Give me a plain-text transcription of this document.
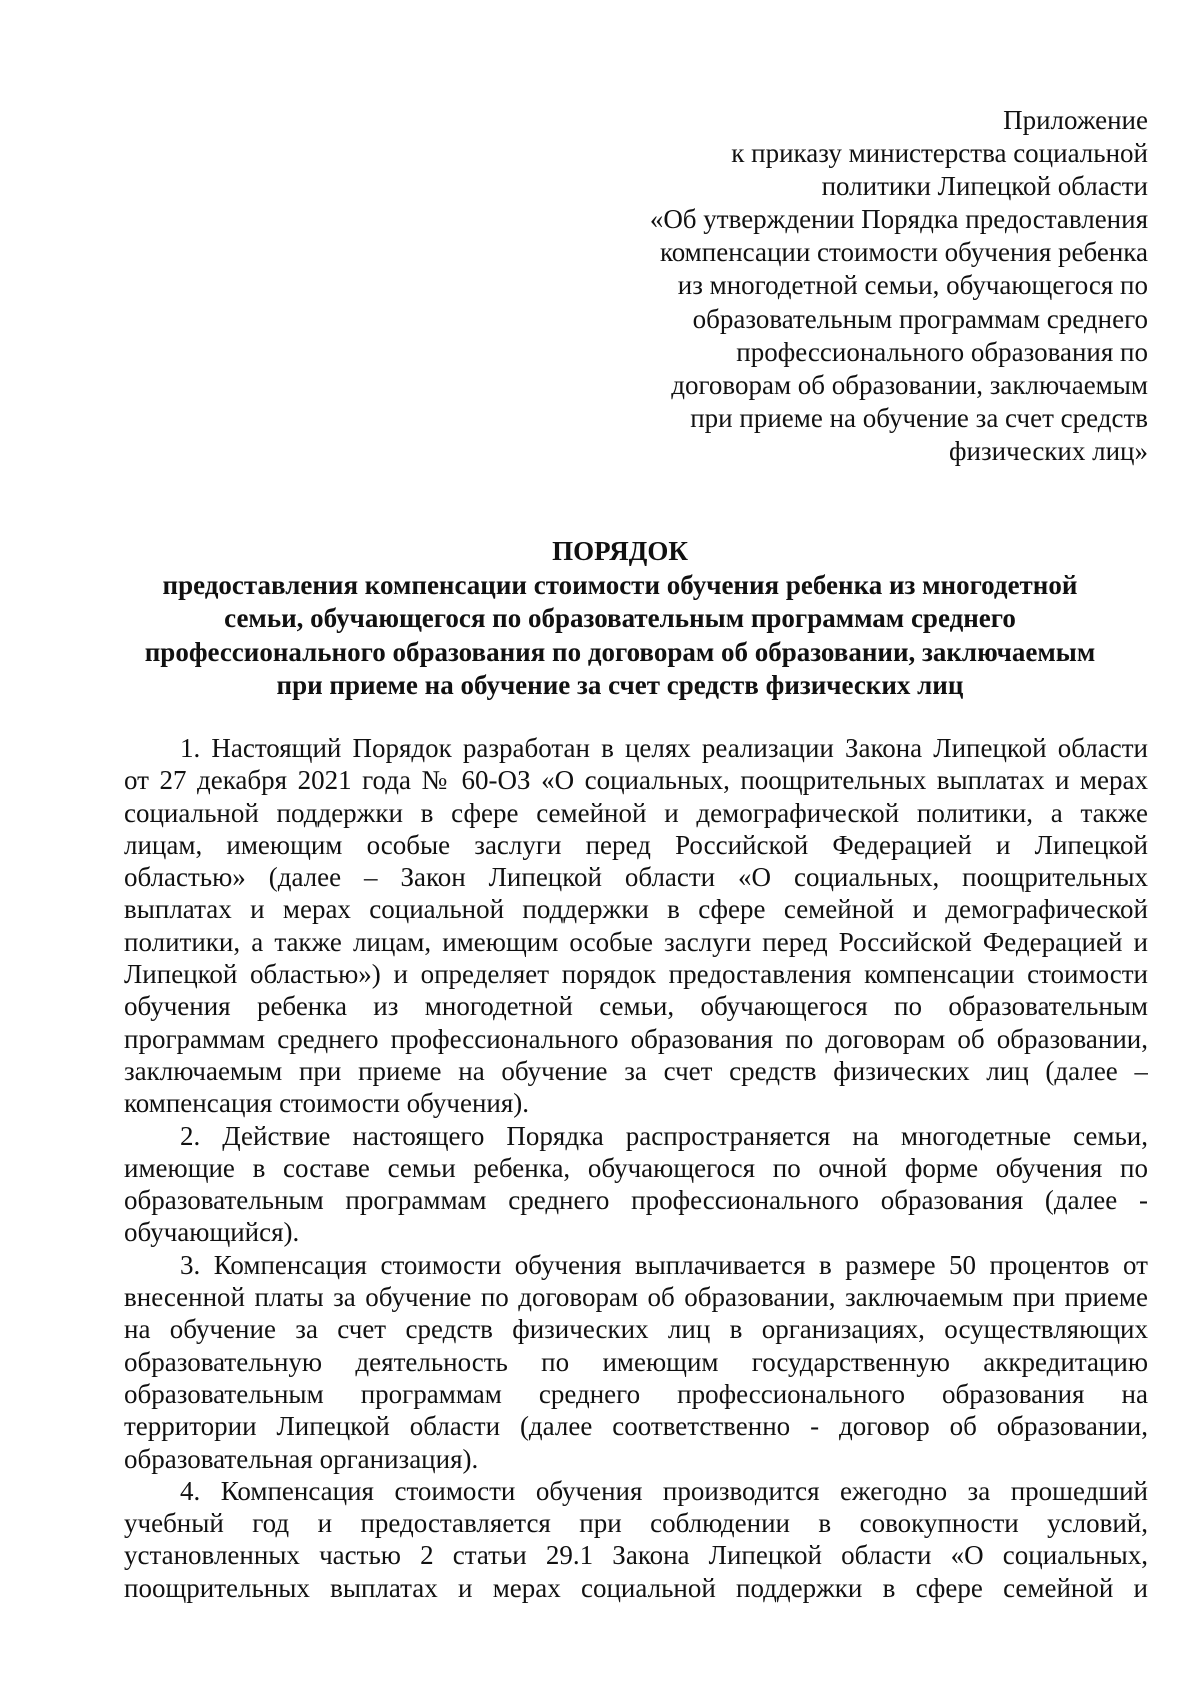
Приложение
к приказу министерства социальной
политики Липецкой области
«Об утверждении Порядка предоставления
компенсации стоимости обучения ребенка
из многодетной семьи, обучающегося по
образовательным программам среднего
профессионального образования по
договорам об образовании, заключаемым
при приеме на обучение за счет средств
физических лиц»
ПОРЯДОК
предоставления компенсации стоимости обучения ребенка из многодетной
семьи, обучающегося по образовательным программам среднего
профессионального образования по договорам об образовании, заключаемым
при приеме на обучение за счет средств физических лиц

1. Настоящий Порядок разработан в целях реализации Закона Липецкой области
от 27 декабря 2021 года № 60-ОЗ «О социальных, поощрительных выплатах и мерах
социальной поддержки в сфере семейной и демографической политики, а также
лицам, имеющим особые заслуги перед Российской Федерацией и Липецкой
областью» (далее – Закон Липецкой области «О социальных, поощрительных
выплатах и мерах социальной поддержки в сфере семейной и демографической
политики, а также лицам, имеющим особые заслуги перед Российской Федерацией и
Липецкой областью») и определяет порядок предоставления компенсации стоимости
обучения ребенка из многодетной семьи, обучающегося по образовательным
программам среднего профессионального образования по договорам об образовании,
заключаемым при приеме на обучение за счет средств физических лиц (далее –
компенсация стоимости обучения).

2. Действие настоящего Порядка распространяется на многодетные семьи,
имеющие в составе семьи ребенка, обучающегося по очной форме обучения по
образовательным программам среднего профессионального образования (далее -
обучающийся).

3. Компенсация стоимости обучения выплачивается в размере 50 процентов от
внесенной платы за обучение по договорам об образовании, заключаемым при приеме
на обучение за счет средств физических лиц в организациях, осуществляющих
образовательную деятельность по имеющим государственную аккредитацию
образовательным программам среднего профессионального образования на
территории Липецкой области (далее соответственно - договор об образовании,
образовательная организация).

4. Компенсация стоимости обучения производится ежегодно за прошедший
учебный год и предоставляется при соблюдении в совокупности условий,
установленных частью 2 статьи 29.1 Закона Липецкой области «О социальных,
поощрительных выплатах и мерах социальной поддержки в сфере семейной и
